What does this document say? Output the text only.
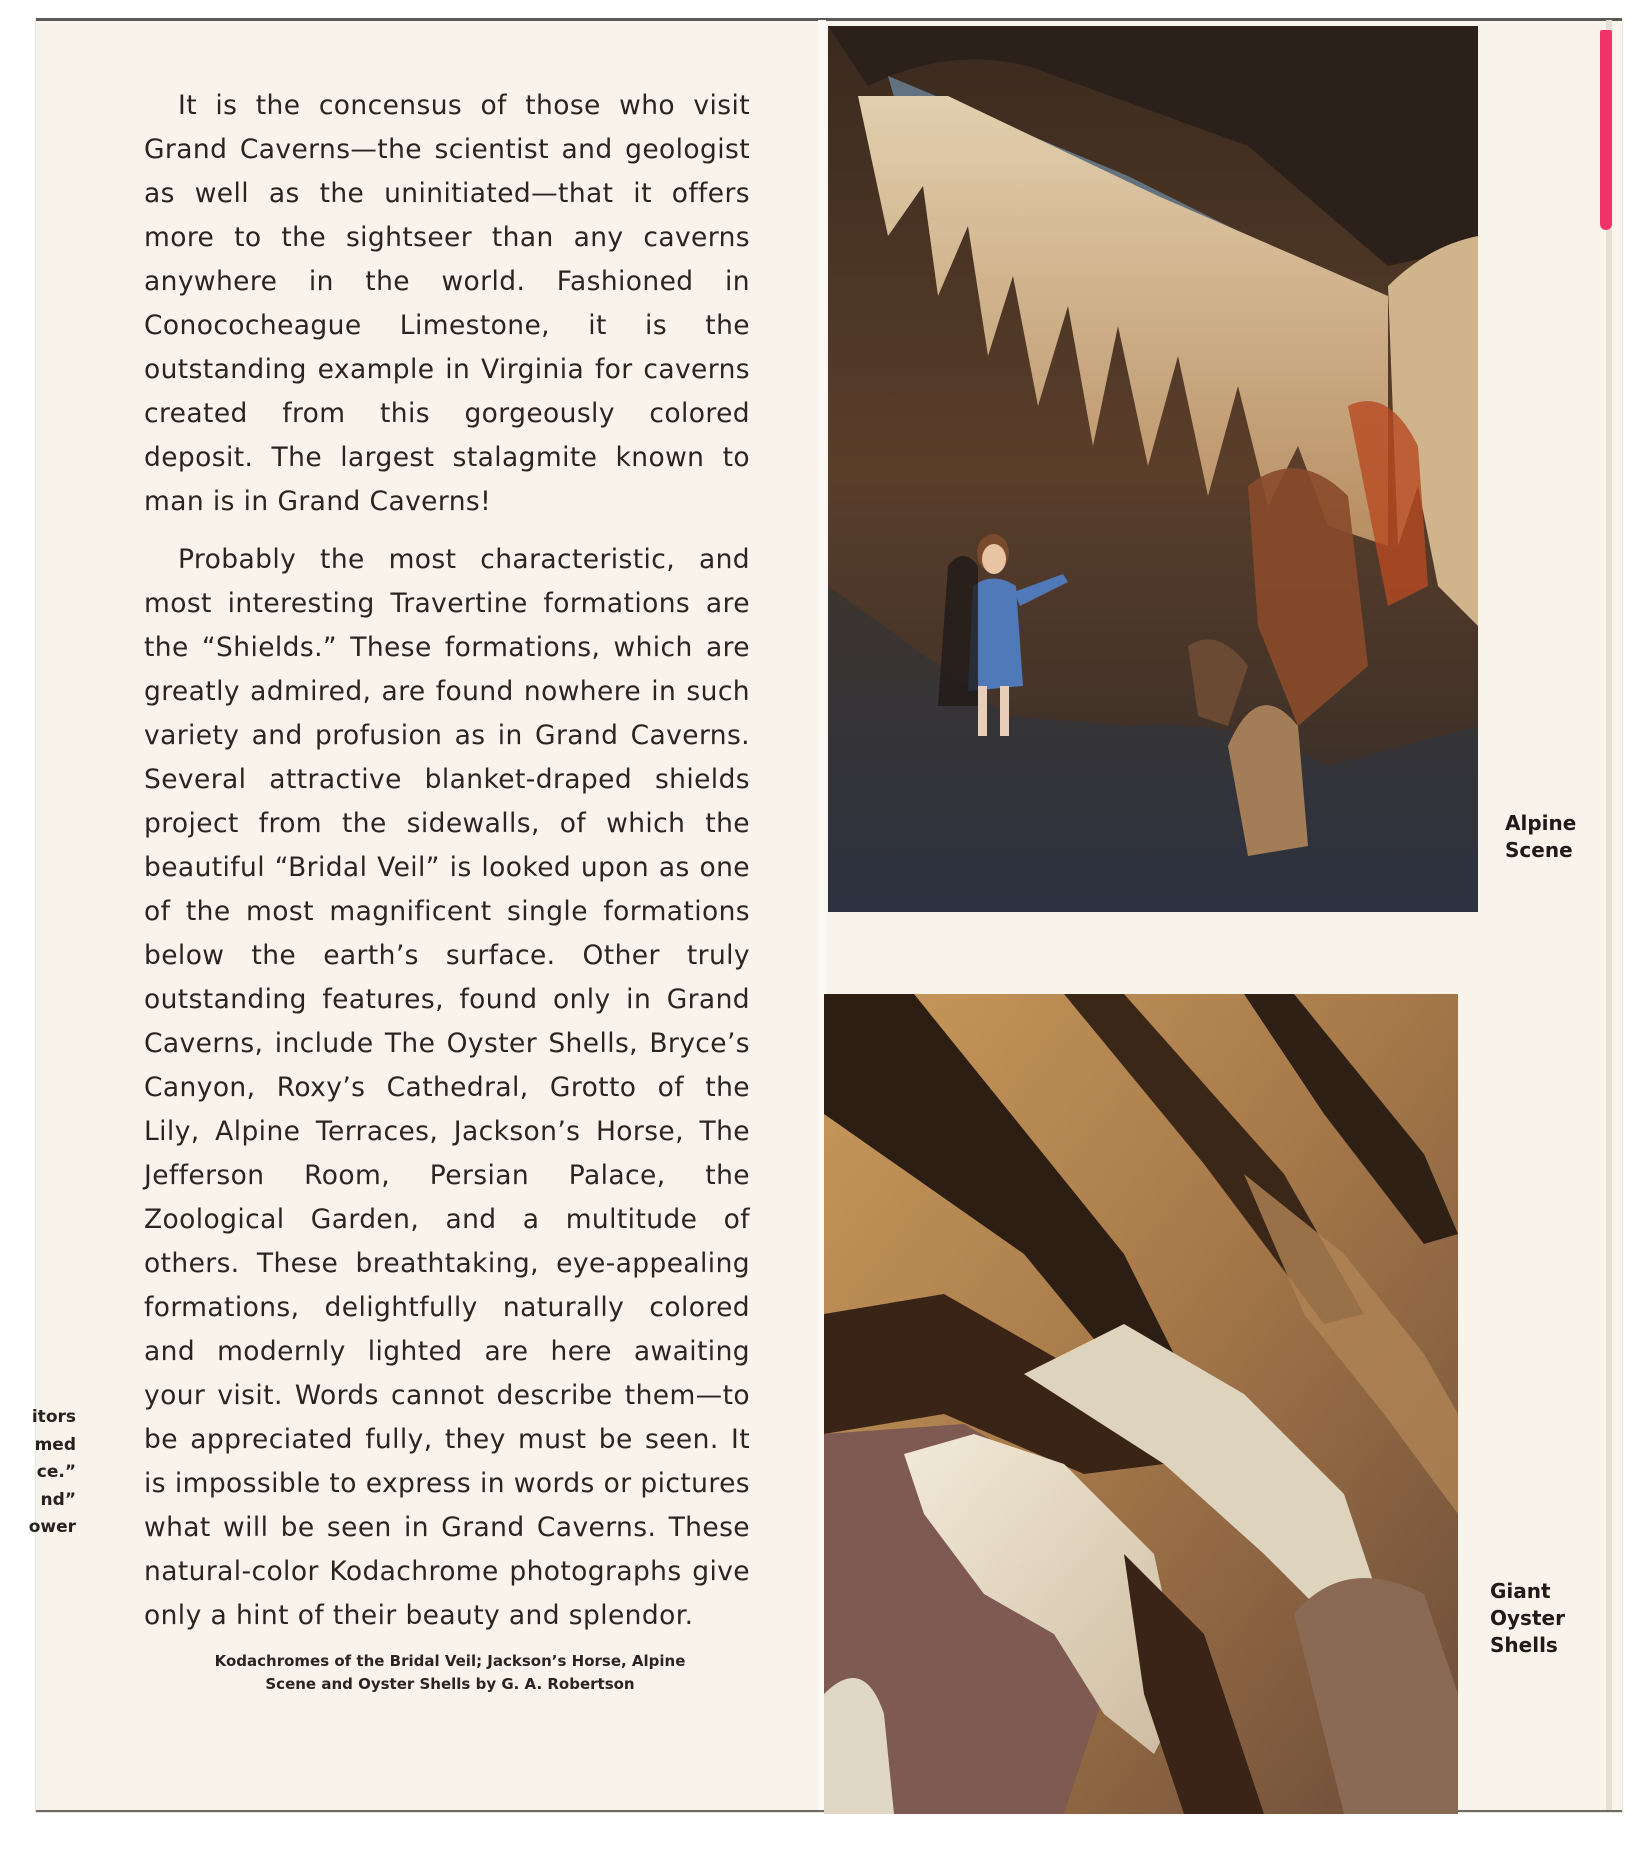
itors
med
ce.”
nd”
ower

It is the concensus of those who visit Grand Caverns—the scientist and geologist as well as the uninitiated—that it offers more to the sightseer than any caverns anywhere in the world. Fashioned in Conococheague Limestone, it is the outstanding example in Virginia for caverns created from this gorgeously colored deposit. The largest stalagmite known to man is in Grand Caverns!

Probably the most characteristic, and most interesting Travertine formations are the “Shields.” These formations, which are greatly admired, are found nowhere in such variety and profusion as in Grand Caverns. Several attractive blanket-draped shields project from the sidewalls, of which the beautiful “Bridal Veil” is looked upon as one of the most magnificent single formations below the earth’s surface. Other truly outstanding features, found only in Grand Caverns, include The Oyster Shells, Bryce’s Canyon, Roxy’s Cathedral, Grotto of the Lily, Alpine Terraces, Jackson’s Horse, The Jefferson Room, Persian Palace, the Zoological Garden, and a multitude of others. These breathtaking, eye-appealing formations, delightfully naturally colored and modernly lighted are here awaiting your visit. Words cannot describe them—to be appreciated fully, they must be seen. It is impossible to express in words or pictures what will be seen in Grand Caverns. These natural-color Kodachrome photographs give only a hint of their beauty and splendor.

Kodachromes of the Bridal Veil; Jackson’s Horse, Alpine
Scene and Oyster Shells by G. A. Robertson
Alpine
Scene
Giant
Oyster
Shells
